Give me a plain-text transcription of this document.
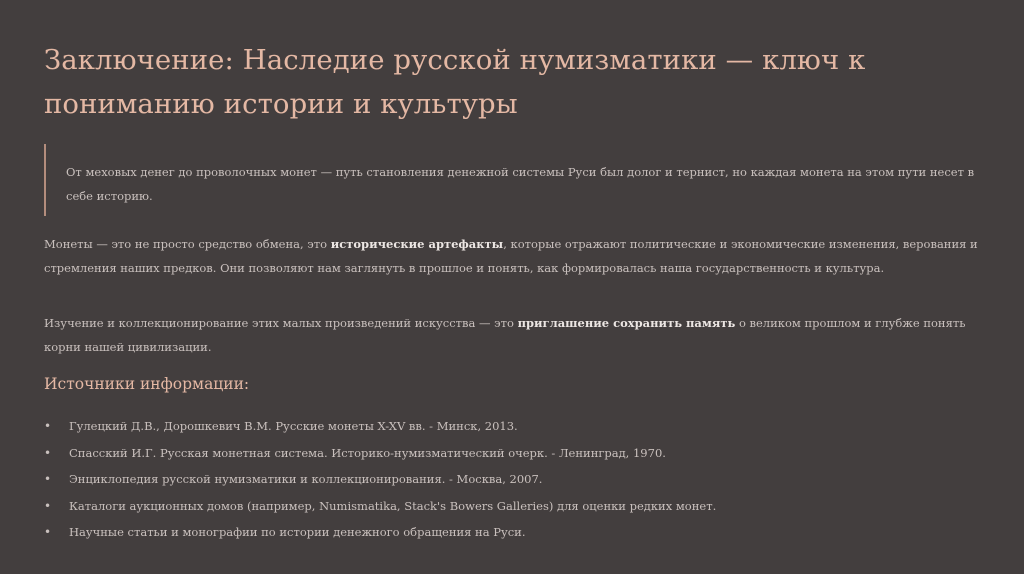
Заключение: Наследие русской нумизматики — ключ к пониманию истории и культуры

От меховых денег до проволочных монет — путь становления денежной системы Руси был долог и тернист, но каждая монета на этом пути несет в себе историю.

Монеты — это не просто средство обмена, это исторические артефакты, которые отражают политические и экономические изменения, верования и стремления наших предков. Они позволяют нам заглянуть в прошлое и понять, как формировалась наша государственность и культура.

Изучение и коллекционирование этих малых произведений искусства — это приглашение сохранить память о великом прошлом и глубже понять корни нашей цивилизации.

Источники информации:
• Гулецкий Д.В., Дорошкевич В.М. Русские монеты X-XV вв. - Минск, 2013.
• Спасский И.Г. Русская монетная система. Историко-нумизматический очерк. - Ленинград, 1970.
• Энциклопедия русской нумизматики и коллекционирования. - Москва, 2007.
• Каталоги аукционных домов (например, Numismatika, Stack's Bowers Galleries) для оценки редких монет.
• Научные статьи и монографии по истории денежного обращения на Руси.
